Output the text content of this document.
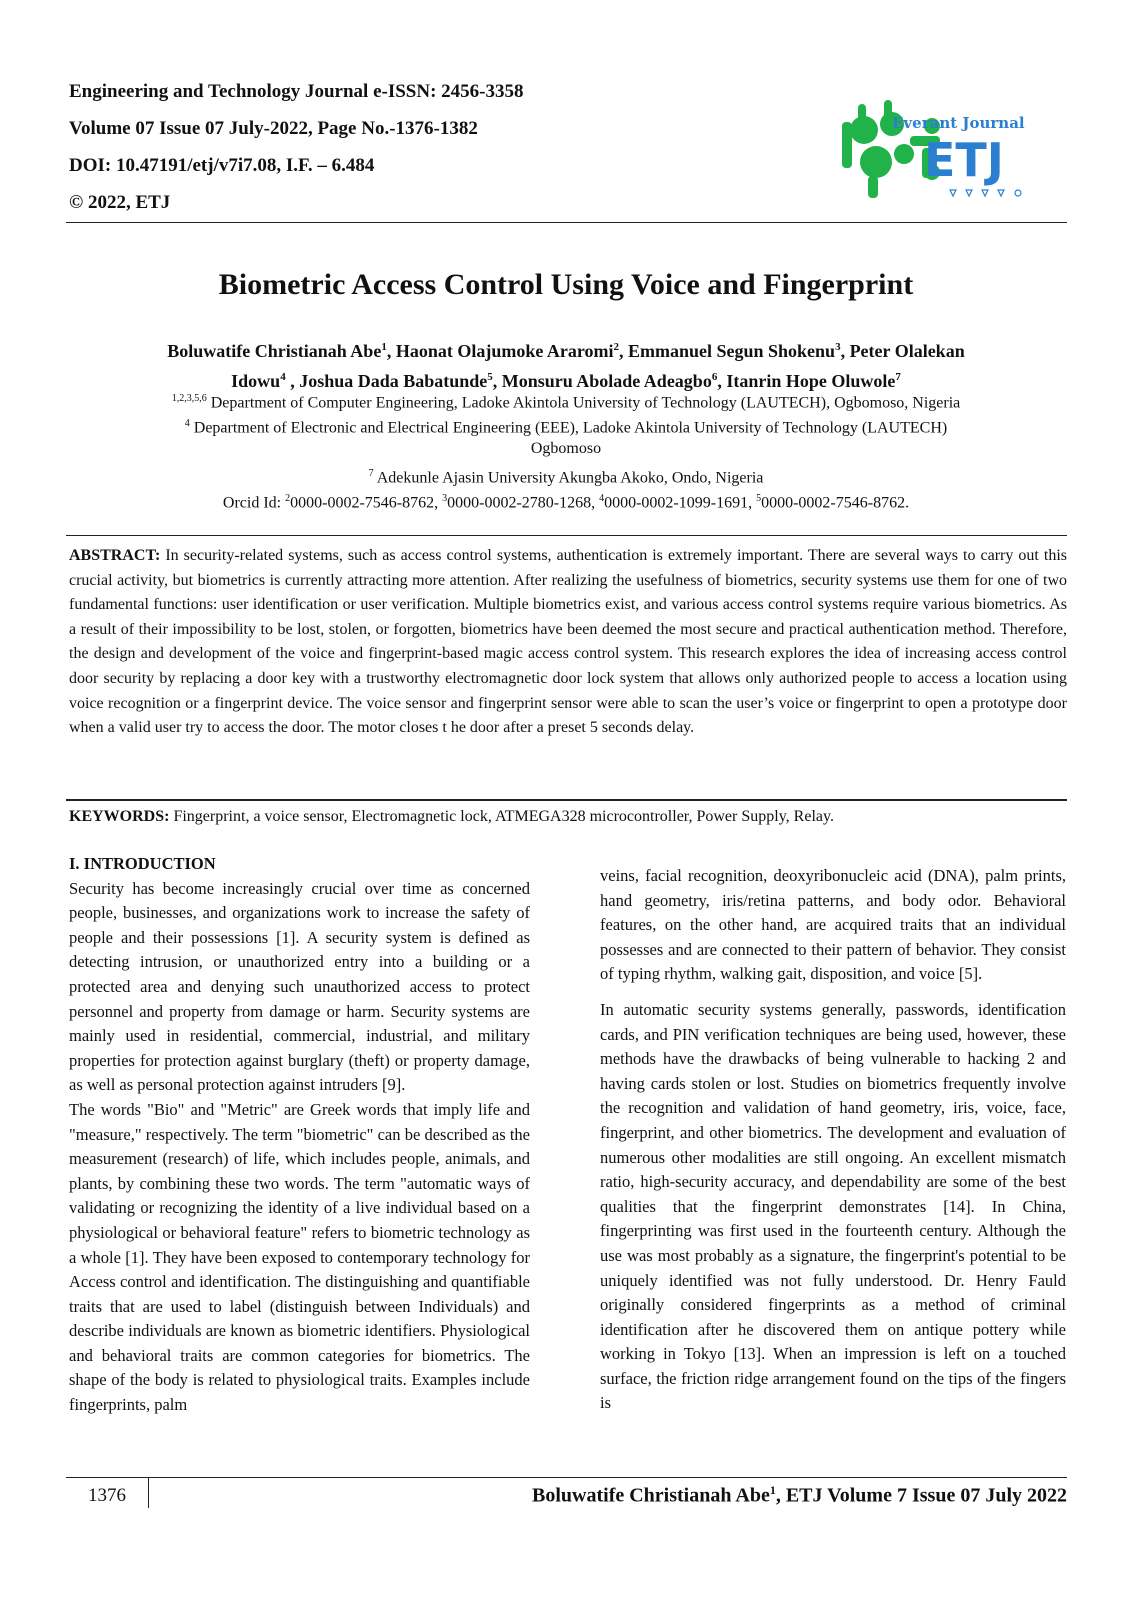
Engineering and Technology Journal e-ISSN: 2456-3358
Volume 07 Issue 07 July-2022, Page No.-1376-1382
DOI: 10.47191/etj/v7i7.08, I.F. – 6.484
© 2022, ETJ
Everant Journal
ETJ
Biometric Access Control Using Voice and Fingerprint
Boluwatife Christianah Abe$^1$, Haonat Olajumoke Araromi$^2$, Emmanuel Segun Shokenu$^3$, Peter Olalekan
Idowu$^4$ , Joshua Dada Babatunde$^5$, Monsuru Abolade Adeagbo$^6$, Itanrin Hope Oluwole$^7$
$^{1,2,3,5,6}$ Department of Computer Engineering, Ladoke Akintola University of Technology (LAUTECH), Ogbomoso, Nigeria
$^4$ Department of Electronic and Electrical Engineering (EEE), Ladoke Akintola University of Technology (LAUTECH)
Ogbomoso
$^7$ Adekunle Ajasin University Akungba Akoko, Ondo, Nigeria
Orcid Id: $^2$0000-0002-7546-8762, $^3$0000-0002-2780-1268, $^4$0000-0002-1099-1691, $^5$0000-0002-7546-8762.
ABSTRACT: In security-related systems, such as access control systems, authentication is extremely important. There are several ways to carry out this crucial activity, but biometrics is currently attracting more attention. After realizing the usefulness of biometrics, security systems use them for one of two fundamental functions: user identification or user verification. Multiple biometrics exist, and various access control systems require various biometrics. As a result of their impossibility to be lost, stolen, or forgotten, biometrics have been deemed the most secure and practical authentication method. Therefore, the design and development of the voice and fingerprint-based magic access control system. This research explores the idea of increasing access control door security by replacing a door key with a trustworthy electromagnetic door lock system that allows only authorized people to access a location using voice recognition or a fingerprint device. The voice sensor and fingerprint sensor were able to scan the user’s voice or fingerprint to open a prototype door when a valid user try to access the door. The motor closes t he door after a preset 5 seconds delay.
KEYWORDS: Fingerprint, a voice sensor, Electromagnetic lock, ATMEGA328 microcontroller, Power Supply, Relay.
I. INTRODUCTION

Security has become increasingly crucial over time as concerned people, businesses, and organizations work to increase the safety of people and their possessions [1]. A security system is defined as detecting intrusion, or unauthorized entry into a building or a protected area and denying such unauthorized access to protect personnel and property from damage or harm. Security systems are mainly used in residential, commercial, industrial, and military properties for protection against burglary (theft) or property damage, as well as personal protection against intruders [9].

The words "Bio" and "Metric" are Greek words that imply life and "measure," respectively. The term "biometric" can be described as the measurement (research) of life, which includes people, animals, and plants, by combining these two words. The term "automatic ways of validating or recognizing the identity of a live individual based on a physiological or behavioral feature" refers to biometric technology as a whole [1]. They have been exposed to contemporary technology for Access control and identification. The distinguishing and quantifiable traits that are used to label (distinguish between Individuals) and describe individuals are known as biometric identifiers. Physiological and behavioral traits are common categories for biometrics. The shape of the body is related to physiological traits. Examples include fingerprints, palm

veins, facial recognition, deoxyribonucleic acid (DNA), palm prints, hand geometry, iris/retina patterns, and body odor. Behavioral features, on the other hand, are acquired traits that an individual possesses and are connected to their pattern of behavior. They consist of typing rhythm, walking gait, disposition, and voice [5].

In automatic security systems generally, passwords, identification cards, and PIN verification techniques are being used, however, these methods have the drawbacks of being vulnerable to hacking 2 and having cards stolen or lost. Studies on biometrics frequently involve the recognition and validation of hand geometry, iris, voice, face, fingerprint, and other biometrics. The development and evaluation of numerous other modalities are still ongoing. An excellent mismatch ratio, high-security accuracy, and dependability are some of the best qualities that the fingerprint demonstrates [14]. In China, fingerprinting was first used in the fourteenth century. Although the use was most probably as a signature, the fingerprint's potential to be uniquely identified was not fully understood. Dr. Henry Fauld originally considered fingerprints as a method of criminal identification after he discovered them on antique pottery while working in Tokyo [13]. When an impression is left on a touched surface, the friction ridge arrangement found on the tips of the fingers is

1376	Boluwatife Christianah Abe$^1$, ETJ Volume 7 Issue 07 July 2022
